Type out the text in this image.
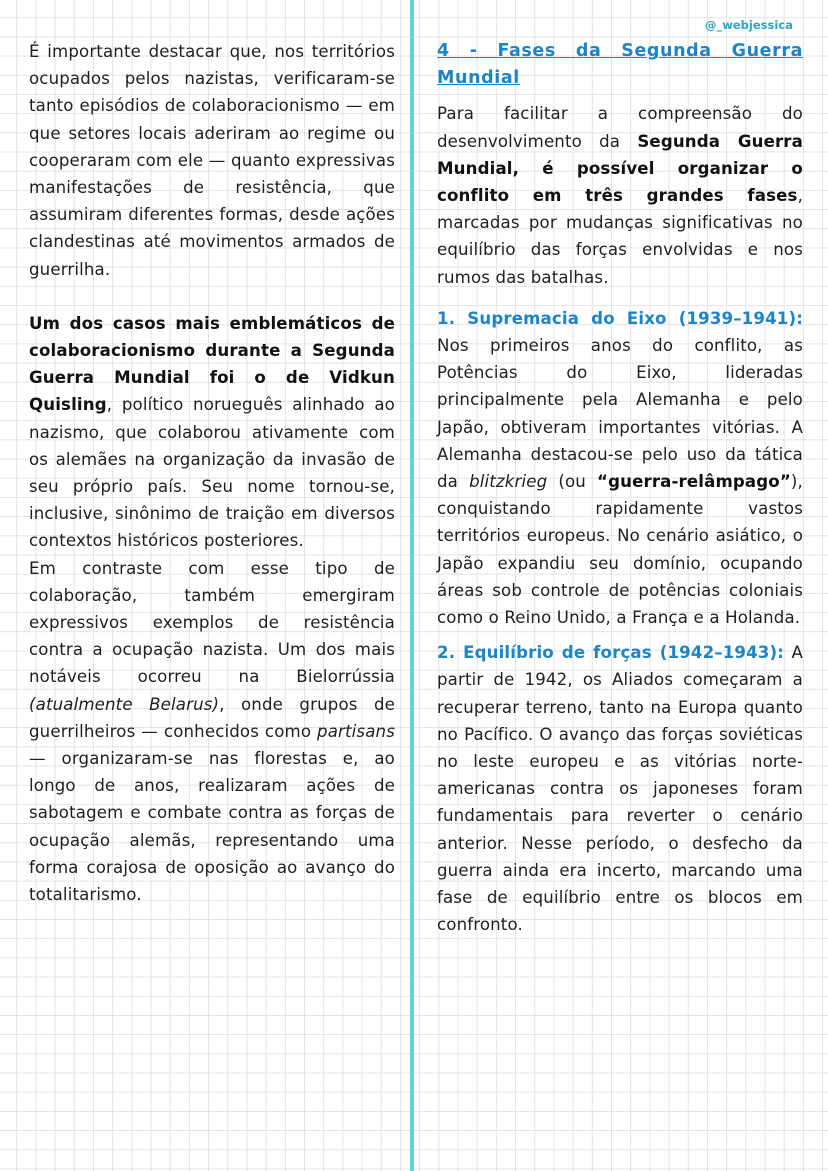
@_webjessica

É importante destacar que, nos territórios ocupados pelos nazistas, verificaram-se tanto episódios de colaboracionismo — em que setores locais aderiram ao regime ou cooperaram com ele — quanto expressivas manifestações de resistência, que assumiram diferentes formas, desde ações clandestinas até movimentos armados de guerrilha.

Um dos casos mais emblemáticos de colaboracionismo durante a Segunda Guerra Mundial foi o de Vidkun Quisling, político norueguês alinhado ao nazismo, que colaborou ativamente com os alemães na organização da invasão de seu próprio país. Seu nome tornou-se, inclusive, sinônimo de traição em diversos contextos históricos posteriores.

Em contraste com esse tipo de colaboração, também emergiram expressivos exemplos de resistência contra a ocupação nazista. Um dos mais notáveis ocorreu na Bielorrússia (atualmente Belarus), onde grupos de guerrilheiros — conhecidos como partisans — organizaram-se nas florestas e, ao longo de anos, realizaram ações de sabotagem e combate contra as forças de ocupação alemãs, representando uma forma corajosa de oposição ao avanço do totalitarismo.

4 - Fases da Segunda Guerra Mundial

Para facilitar a compreensão do desenvolvimento da Segunda Guerra Mundial, é possível organizar o conflito em três grandes fases, marcadas por mudanças significativas no equilíbrio das forças envolvidas e nos rumos das batalhas.

1. Supremacia do Eixo (1939–1941): Nos primeiros anos do conflito, as Potências do Eixo, lideradas principalmente pela Alemanha e pelo Japão, obtiveram importantes vitórias. A Alemanha destacou-se pelo uso da tática da blitzkrieg (ou “guerra-relâmpago”), conquistando rapidamente vastos territórios europeus. No cenário asiático, o Japão expandiu seu domínio, ocupando áreas sob controle de potências coloniais como o Reino Unido, a França e a Holanda.

2. Equilíbrio de forças (1942–1943): A partir de 1942, os Aliados começaram a recuperar terreno, tanto na Europa quanto no Pacífico. O avanço das forças soviéticas no leste europeu e as vitórias norte-americanas contra os japoneses foram fundamentais para reverter o cenário anterior. Nesse período, o desfecho da guerra ainda era incerto, marcando uma fase de equilíbrio entre os blocos em confronto.
